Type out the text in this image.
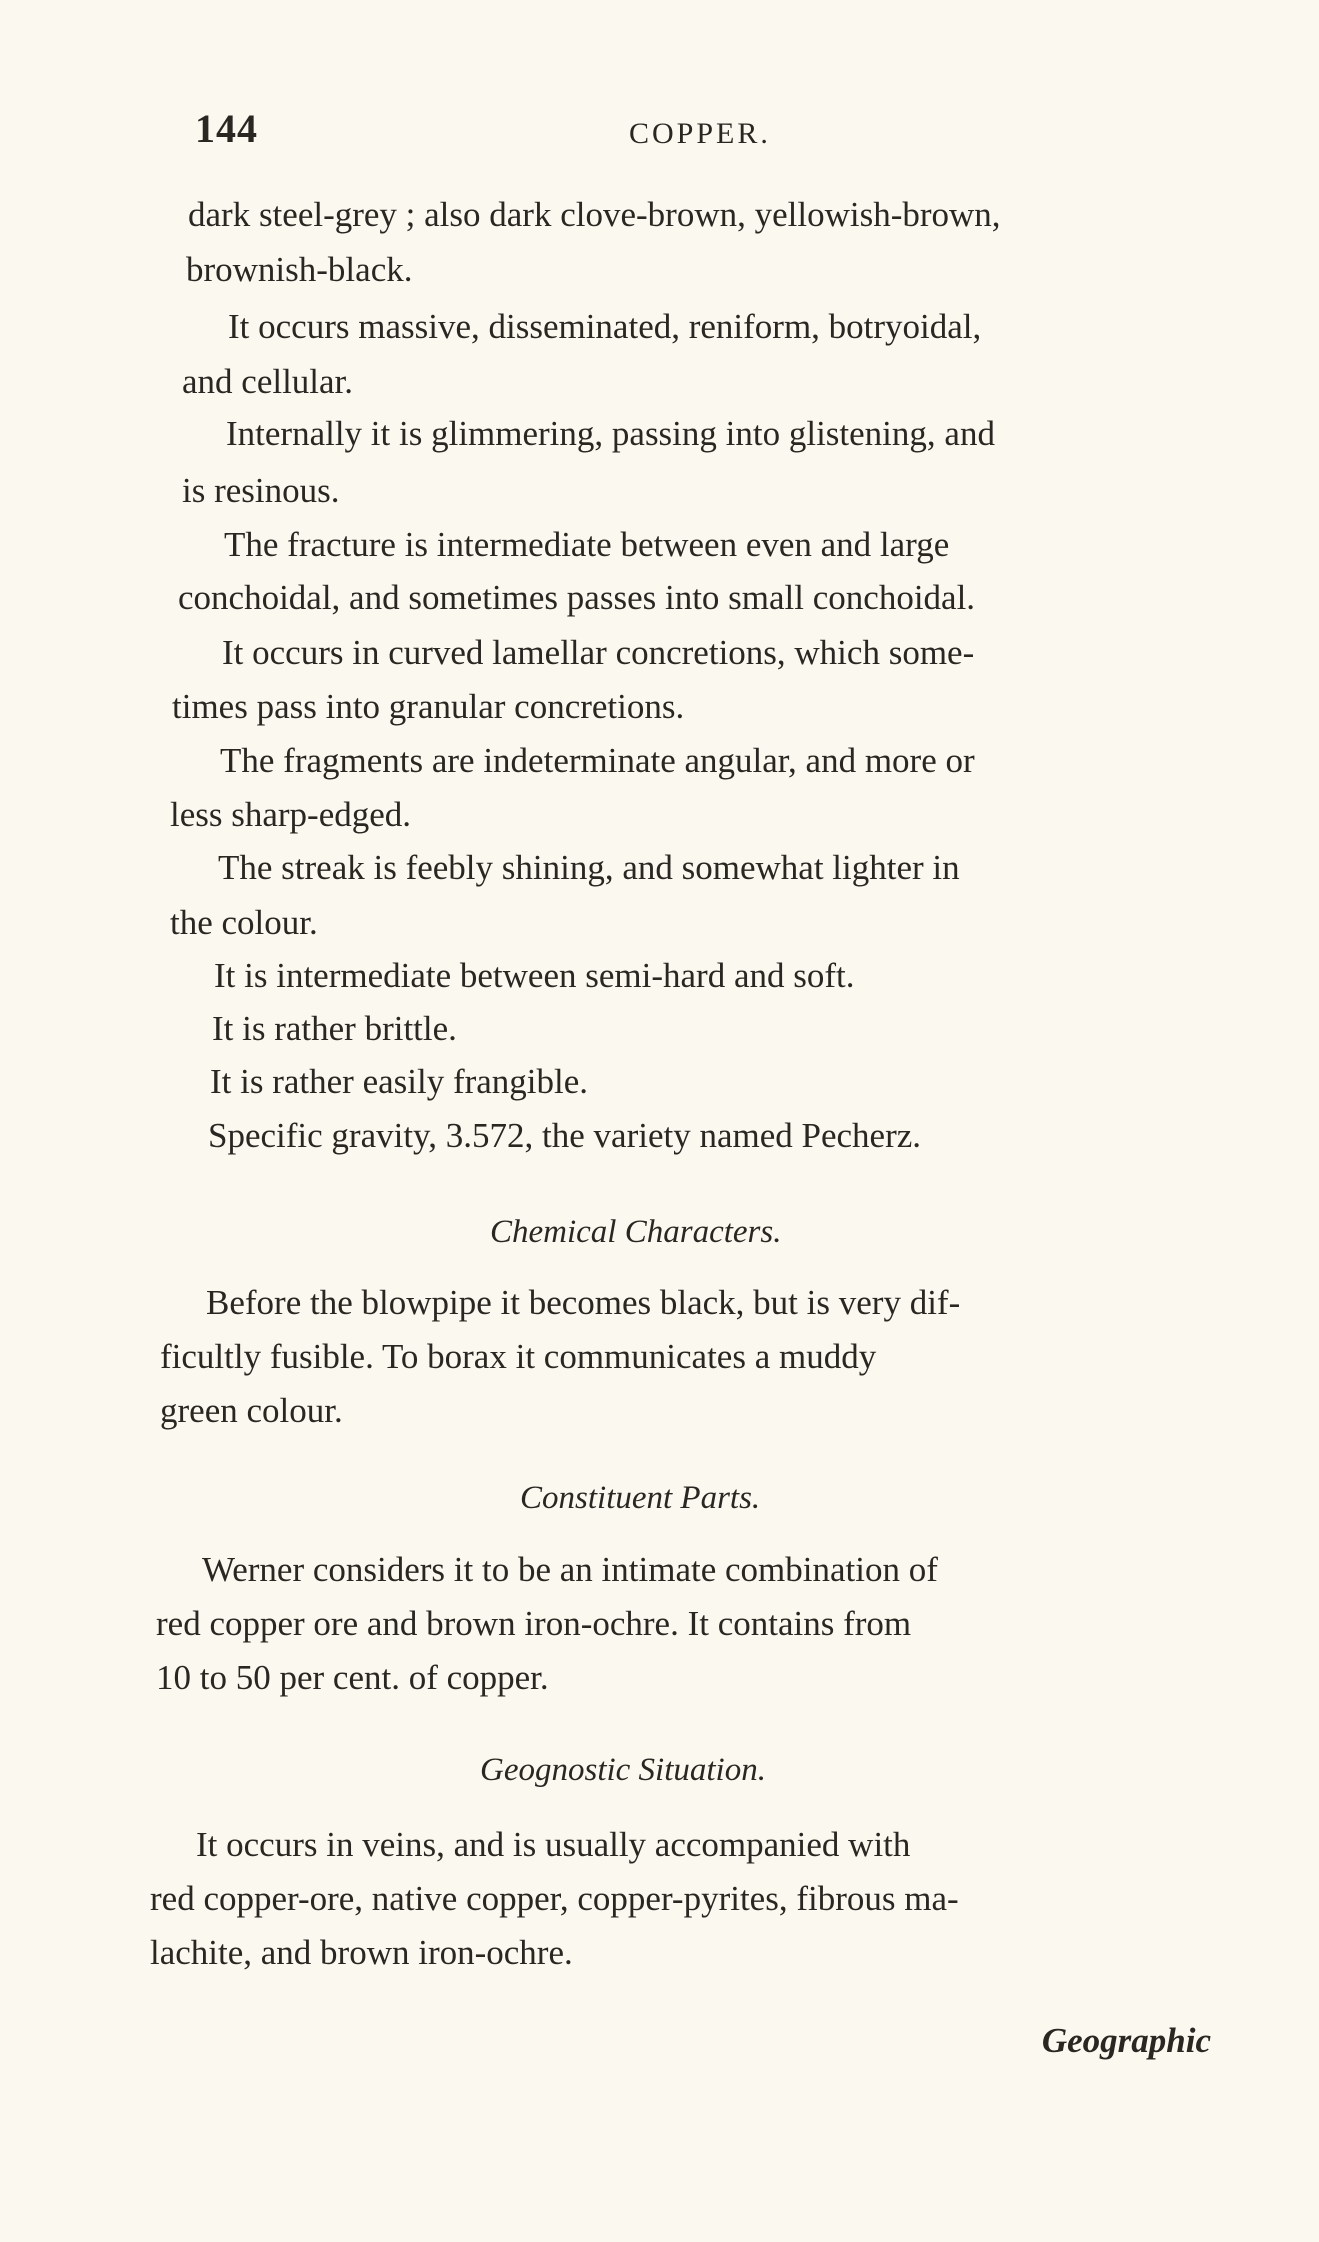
144	COPPER.
dark steel-grey ; also dark clove-brown, yellowish-brown,
brownish-black.
It occurs massive, disseminated, reniform, botryoidal,
and cellular.
Internally it is glimmering, passing into glistening, and
is resinous.
The fracture is intermediate between even and large
conchoidal, and sometimes passes into small conchoidal.
It occurs in curved lamellar concretions, which some-
times pass into granular concretions.
The fragments are indeterminate angular, and more or
less sharp-edged.
The streak is feebly shining, and somewhat lighter in
the colour.
It is intermediate between semi-hard and soft.
It is rather brittle.
It is rather easily frangible.
Specific gravity, 3.572, the variety named Pecherz.
Chemical Characters.
Before the blowpipe it becomes black, but is very dif-
ficultly fusible. To borax it communicates a muddy
green colour.
Constituent Parts.
Werner considers it to be an intimate combination of
red copper ore and brown iron-ochre. It contains from
10 to 50 per cent. of copper.
Geognostic Situation.
It occurs in veins, and is usually accompanied with
red copper-ore, native copper, copper-pyrites, fibrous ma-
lachite, and brown iron-ochre.
Geographic
